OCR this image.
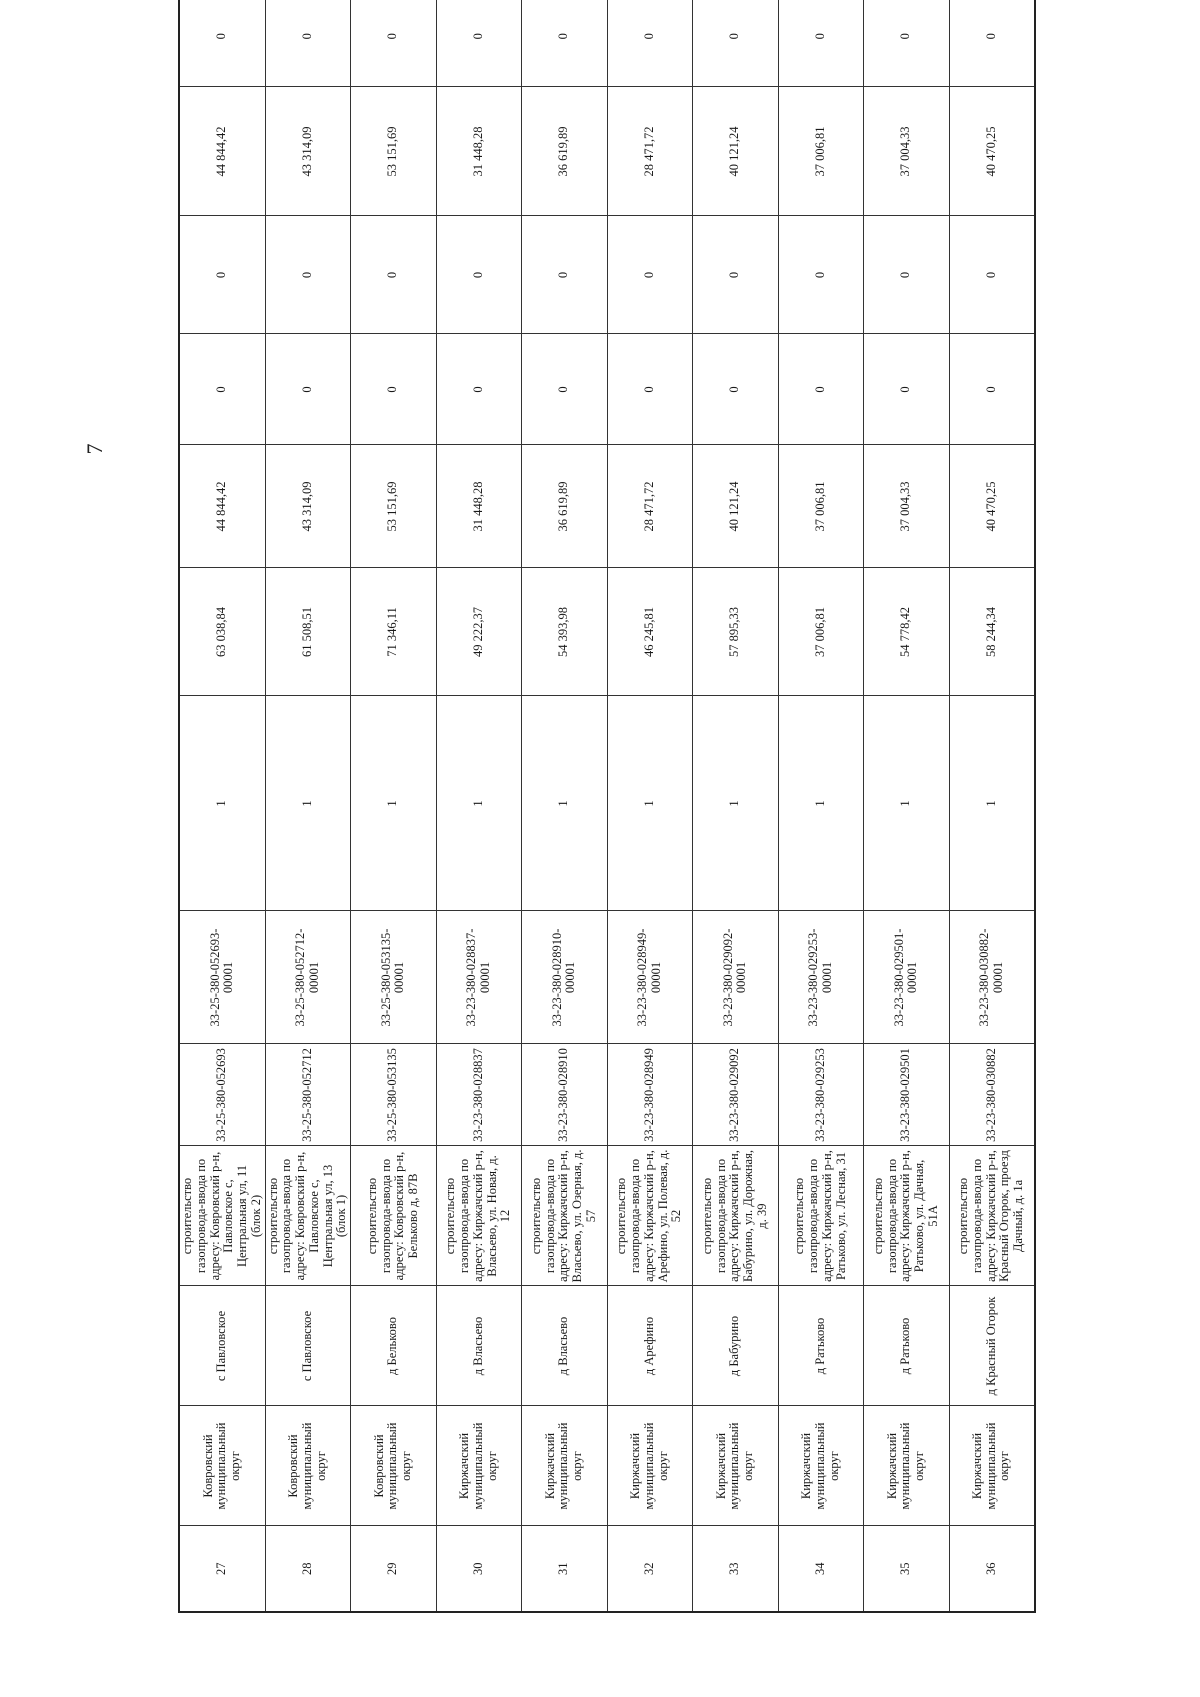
7
27	Ковровский муниципальный округ	с Павловское	строительство газопровода-ввода по адресу: Ковровский р-н, Павловское с, Центральная ул, 11 (блок 2)	33-25-380-052693	33-25-380-052693-00001	1	63 038,84	44 844,42	0	0	44 844,42	0
28	Ковровский муниципальный округ	с Павловское	строительство газопровода-ввода по адресу: Ковровский р-н, Павловское с, Центральная ул, 13 (блок 1)	33-25-380-052712	33-25-380-052712-00001	1	61 508,51	43 314,09	0	0	43 314,09	0
29	Ковровский муниципальный округ	д Бельково	строительство газопровода-ввода по адресу: Ковровский р-н, Бельково д, 87В	33-25-380-053135	33-25-380-053135-00001	1	71 346,11	53 151,69	0	0	53 151,69	0
30	Киржачский муниципальный округ	д Власьево	строительство газопровода-ввода по адресу: Киржачский р-н, Власьево, ул. Новая, д. 12	33-23-380-028837	33-23-380-028837-00001	1	49 222,37	31 448,28	0	0	31 448,28	0
31	Киржачский муниципальный округ	д Власьево	строительство газопровода-ввода по адресу: Киржачский р-н, Власьево, ул. Озерная, д. 57	33-23-380-028910	33-23-380-028910-00001	1	54 393,98	36 619,89	0	0	36 619,89	0
32	Киржачский муниципальный округ	д Арефино	строительство газопровода-ввода по адресу: Киржачский р-н, Арефино, ул. Полевая, д. 52	33-23-380-028949	33-23-380-028949-00001	1	46 245,81	28 471,72	0	0	28 471,72	0
33	Киржачский муниципальный округ	д Бабурино	строительство газопровода-ввода по адресу: Киржачский р-н, Бабурино, ул. Дорожная, д. 39	33-23-380-029092	33-23-380-029092-00001	1	57 895,33	40 121,24	0	0	40 121,24	0
34	Киржачский муниципальный округ	д Ратьково	строительство газопровода-ввода по адресу: Киржачский р-н, Ратьково, ул. Лесная, 31	33-23-380-029253	33-23-380-029253-00001	1	37 006,81	37 006,81	0	0	37 006,81	0
35	Киржачский муниципальный округ	д Ратьково	строительство газопровода-ввода по адресу: Киржачский р-н, Ратьково, ул. Дачная, 51А	33-23-380-029501	33-23-380-029501-00001	1	54 778,42	37 004,33	0	0	37 004,33	0
36	Киржачский муниципальный округ	д Красный Огорок	строительство газопровода-ввода по адресу: Киржачский р-н, Красный Огорок, проезд Дачный, д. 1а	33-23-380-030882	33-23-380-030882-00001	1	58 244,34	40 470,25	0	0	40 470,25	0
